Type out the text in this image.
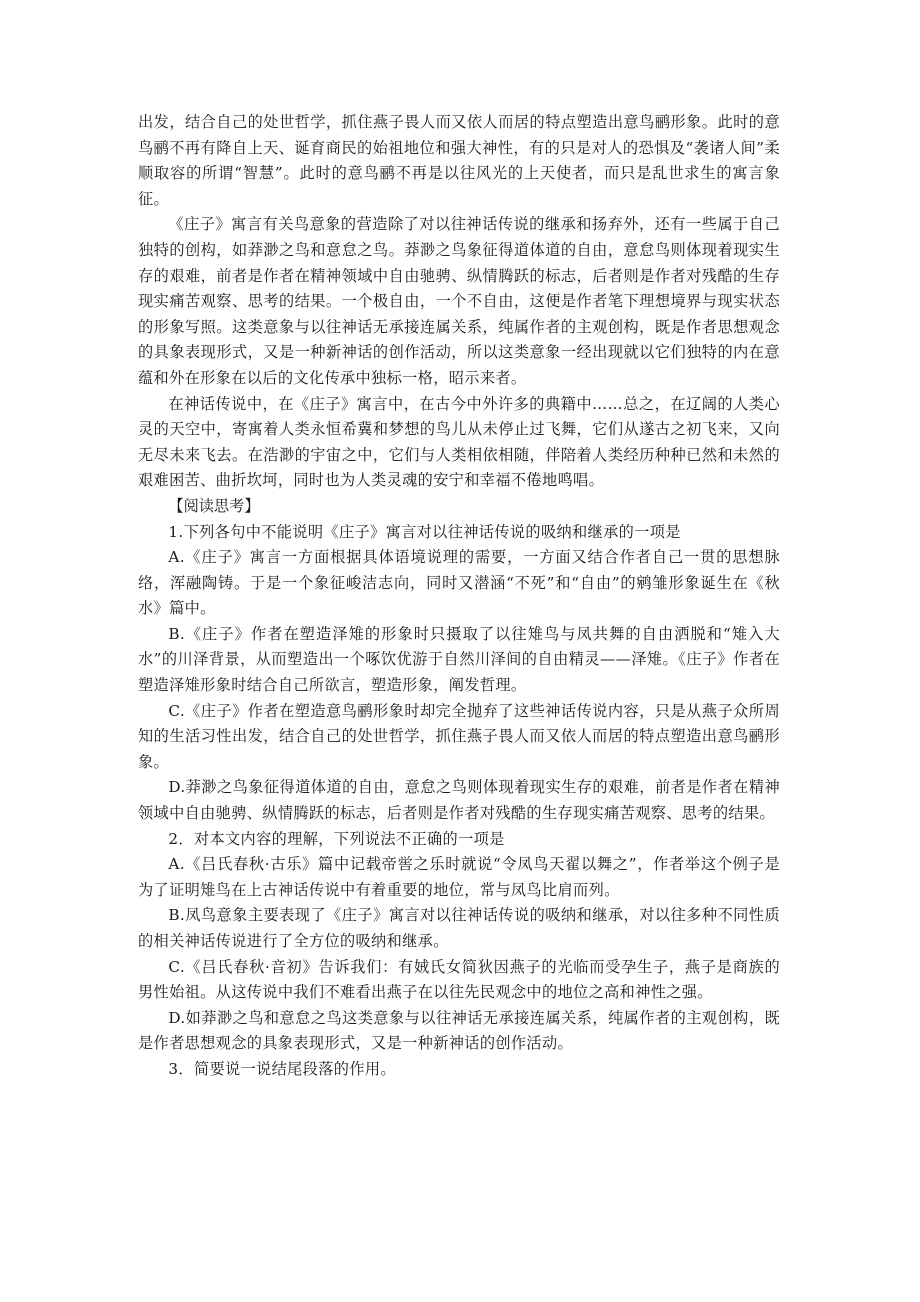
出发，结合自己的处世哲学，抓住燕子畏人而又依人而居的特点塑造出意鸟鹂形象。此时的意鸟鹂不再有降自上天、诞育商民的始祖地位和强大神性，有的只是对人的恐惧及“袭诸人间”柔顺取容的所谓“智慧”。此时的意鸟鹂不再是以往风光的上天使者，而只是乱世求生的寓言象征。

《庄子》寓言有关鸟意象的营造除了对以往神话传说的继承和扬弃外，还有一些属于自己独特的创构，如莽渺之鸟和意怠之鸟。莽渺之鸟象征得道体道的自由，意怠鸟则体现着现实生存的艰难，前者是作者在精神领域中自由驰骋、纵情腾跃的标志，后者则是作者对残酷的生存现实痛苦观察、思考的结果。一个极自由，一个不自由，这便是作者笔下理想境界与现实状态的形象写照。这类意象与以往神话无承接连属关系，纯属作者的主观创构，既是作者思想观念的具象表现形式，又是一种新神话的创作活动，所以这类意象一经出现就以它们独特的内在意蕴和外在形象在以后的文化传承中独标一格，昭示来者。

在神话传说中，在《庄子》寓言中，在古今中外许多的典籍中……总之，在辽阔的人类心灵的天空中，寄寓着人类永恒希冀和梦想的鸟儿从未停止过飞舞，它们从遂古之初飞来，又向无尽未来飞去。在浩渺的宇宙之中，它们与人类相依相随，伴陪着人类经历种种已然和未然的艰难困苦、曲折坎坷，同时也为人类灵魂的安宁和幸福不倦地鸣唱。

【阅读思考】

1.下列各句中不能说明《庄子》寓言对以往神话传说的吸纳和继承的一项是

A.《庄子》寓言一方面根据具体语境说理的需要，一方面又结合作者自己一贯的思想脉络，浑融陶铸。于是一个象征峻洁志向，同时又潜涵“不死”和“自由”的鹓雏形象诞生在《秋水》篇中。

B.《庄子》作者在塑造泽雉的形象时只摄取了以往雉鸟与凤共舞的自由洒脱和“雉入大水”的川泽背景，从而塑造出一个啄饮优游于自然川泽间的自由精灵——泽雉。《庄子》作者在塑造泽雉形象时结合自己所欲言，塑造形象，阐发哲理。

C.《庄子》作者在塑造意鸟鹂形象时却完全抛弃了这些神话传说内容，只是从燕子众所周知的生活习性出发，结合自己的处世哲学，抓住燕子畏人而又依人而居的特点塑造出意鸟鹂形象。

D.莽渺之鸟象征得道体道的自由，意怠之鸟则体现着现实生存的艰难，前者是作者在精神领域中自由驰骋、纵情腾跃的标志，后者则是作者对残酷的生存现实痛苦观察、思考的结果。

2．对本文内容的理解，下列说法不正确的一项是

A.《吕氏春秋·古乐》篇中记载帝喾之乐时就说“令凤鸟天翟以舞之”，作者举这个例子是为了证明雉鸟在上古神话传说中有着重要的地位，常与凤鸟比肩而列。

B.凤鸟意象主要表现了《庄子》寓言对以往神话传说的吸纳和继承，对以往多种不同性质的相关神话传说进行了全方位的吸纳和继承。

C.《吕氏春秋·音初》告诉我们：有娀氏女简狄因燕子的光临而受孕生子，燕子是商族的男性始祖。从这传说中我们不难看出燕子在以往先民观念中的地位之高和神性之强。

D.如莽渺之鸟和意怠之鸟这类意象与以往神话无承接连属关系，纯属作者的主观创构，既是作者思想观念的具象表现形式，又是一种新神话的创作活动。

3．简要说一说结尾段落的作用。
